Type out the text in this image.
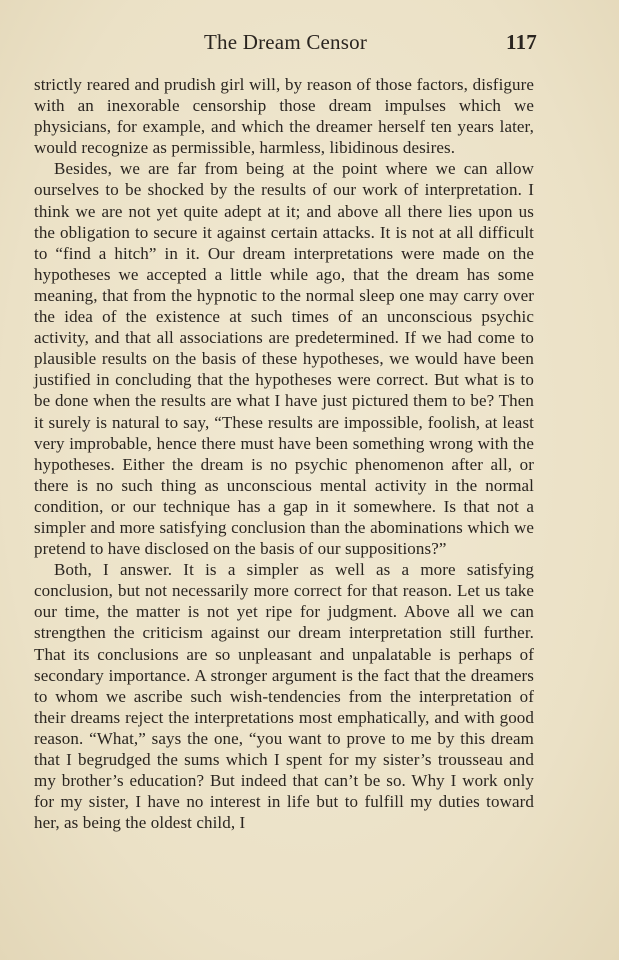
The Dream Censor	117

strictly reared and prudish girl will, by reason of those factors, disfigure with an inexorable censorship those dream impulses which we physicians, for example, and which the dreamer herself ten years later, would recognize as permissible, harmless, libidinous desires.

Besides, we are far from being at the point where we can allow ourselves to be shocked by the results of our work of interpretation. I think we are not yet quite adept at it; and above all there lies upon us the obligation to secure it against certain attacks. It is not at all difficult to “find a hitch” in it. Our dream interpretations were made on the hypotheses we accepted a little while ago, that the dream has some meaning, that from the hypnotic to the normal sleep one may carry over the idea of the existence at such times of an unconscious psychic activity, and that all associations are predetermined. If we had come to plausible results on the basis of these hypotheses, we would have been justified in concluding that the hypotheses were correct. But what is to be done when the results are what I have just pictured them to be? Then it surely is natural to say, “These results are impossible, foolish, at least very improbable, hence there must have been something wrong with the hypotheses. Either the dream is no psychic phenomenon after all, or there is no such thing as unconscious mental activity in the normal condition, or our technique has a gap in it somewhere. Is that not a simpler and more satisfying conclusion than the abominations which we pretend to have disclosed on the basis of our suppositions?”

Both, I answer. It is a simpler as well as a more satisfying conclusion, but not necessarily more correct for that reason. Let us take our time, the matter is not yet ripe for judgment. Above all we can strengthen the criticism against our dream interpretation still further. That its conclusions are so unpleasant and unpalatable is perhaps of secondary importance. A stronger argument is the fact that the dreamers to whom we ascribe such wish-tendencies from the interpretation of their dreams reject the interpretations most emphatically, and with good reason. “What,” says the one, “you want to prove to me by this dream that I begrudged the sums which I spent for my sister’s trousseau and my brother’s education? But indeed that can’t be so. Why I work only for my sister, I have no interest in life but to fulfill my duties toward her, as being the oldest child, I
